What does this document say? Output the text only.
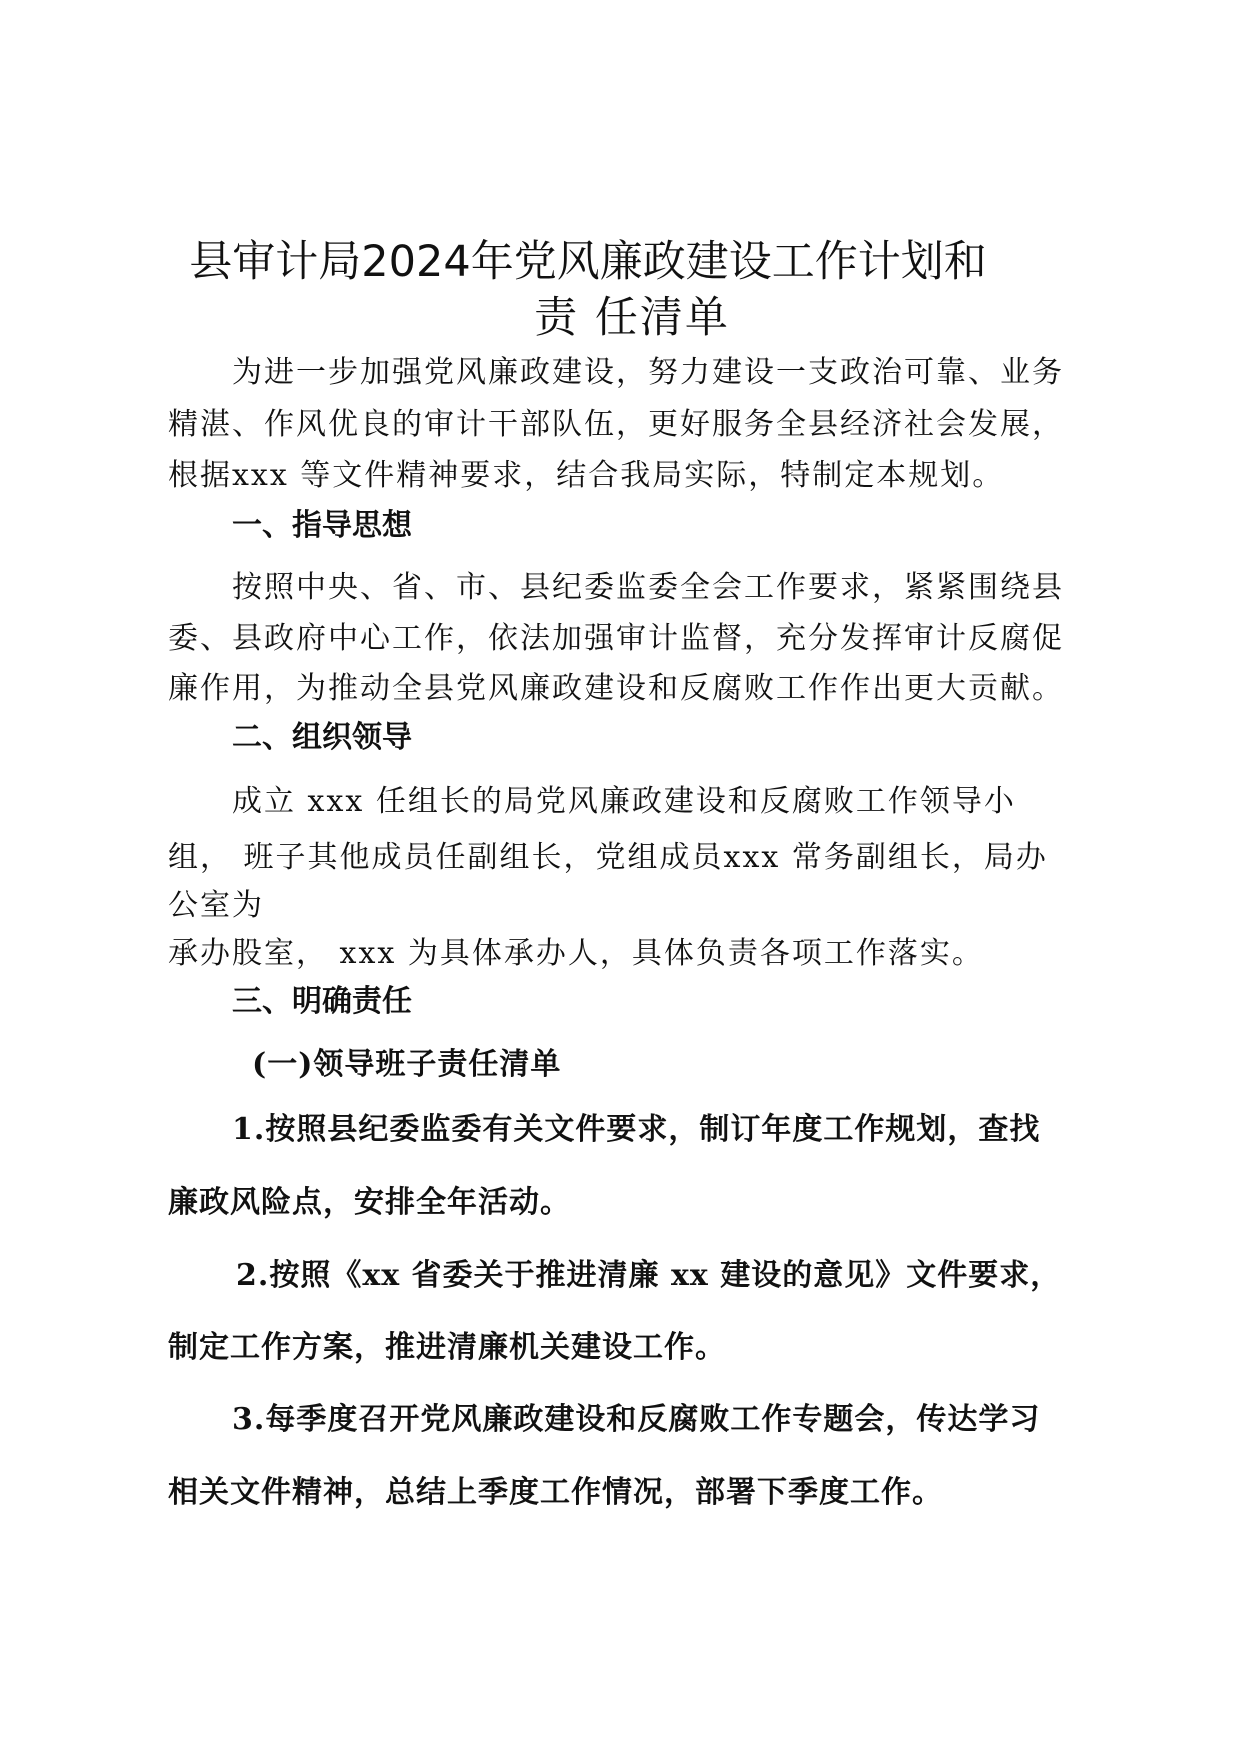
县审计局2024年党风廉政建设工作计划和
责 任清单
为进一步加强党风廉政建设，努力建设一支政治可靠、业务
精湛、作风优良的审计干部队伍，更好服务全县经济社会发展，
根据xxx 等文件精神要求，结合我局实际，特制定本规划。
一、指导思想
按照中央、省、市、县纪委监委全会工作要求，紧紧围绕县
委、县政府中心工作，依法加强审计监督，充分发挥审计反腐促
廉作用，为推动全县党风廉政建设和反腐败工作作出更大贡献。
二、组织领导
成立 xxx 任组长的局党风廉政建设和反腐败工作领导小
组， 班子其他成员任副组长，党组成员xxx 常务副组长，局办
公室为
承办股室， xxx 为具体承办人，具体负责各项工作落实。
三、明确责任
(一)领导班子责任清单
1.按照县纪委监委有关文件要求，制订年度工作规划，查找
廉政风险点，安排全年活动。
2.按照《xx 省委关于推进清廉 xx 建设的意见》文件要求，
制定工作方案，推进清廉机关建设工作。
3.每季度召开党风廉政建设和反腐败工作专题会，传达学习
相关文件精神，总结上季度工作情况，部署下季度工作。
